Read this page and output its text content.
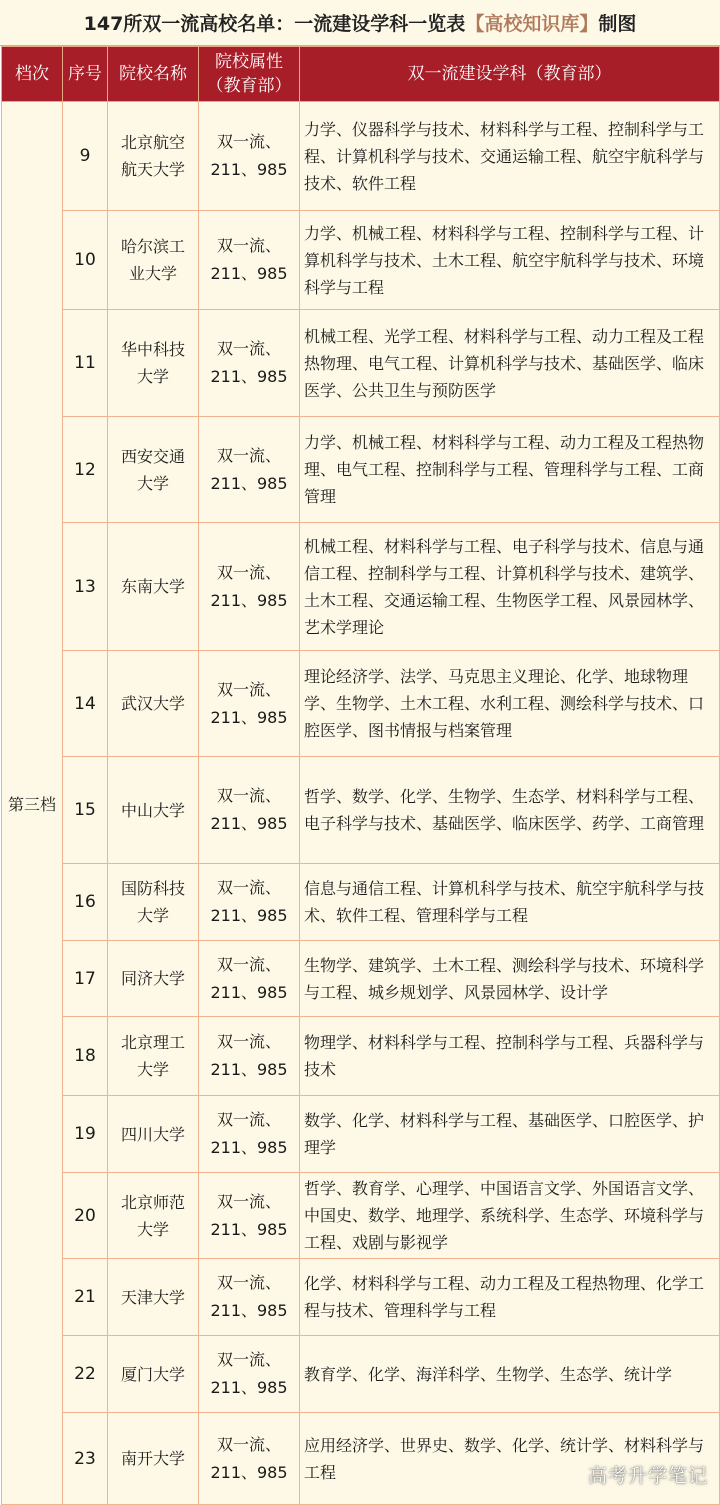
147所双一流高校名单：一流建设学科一览表 【高校知识库】 制图
档次	序号	院校名称	院校属性
（教育部）	双一流建设学科（教育部）
第三档	9	北京航空航天大学	双一流、
211、985	力学、仪器科学与技术、材料科学与工程、控制科学与工程、计算机科学与技术、交通运输工程、航空宇航科学与技术、软件工程
	10	哈尔滨工业大学	双一流、
211、985	力学、机械工程、材料科学与工程、控制科学与工程、计算机科学与技术、土木工程、航空宇航科学与技术、环境科学与工程
	11	华中科技大学	双一流、
211、985	机械工程、光学工程、材料科学与工程、动力工程及工程热物理、电气工程、计算机科学与技术、基础医学、临床医学、公共卫生与预防医学
	12	西安交通大学	双一流、
211、985	力学、机械工程、材料科学与工程、动力工程及工程热物理、电气工程、控制科学与工程、管理科学与工程、工商管理
	13	东南大学	双一流、
211、985	机械工程、材料科学与工程、电子科学与技术、信息与通信工程、控制科学与工程、计算机科学与技术、建筑学、土木工程、交通运输工程、生物医学工程、风景园林学、艺术学理论
	14	武汉大学	双一流、
211、985	理论经济学、法学、马克思主义理论、化学、地球物理学、生物学、土木工程、水利工程、测绘科学与技术、口腔医学、图书情报与档案管理
	15	中山大学	双一流、
211、985	哲学、数学、化学、生物学、生态学、材料科学与工程、电子科学与技术、基础医学、临床医学、药学、工商管理
	16	国防科技大学	双一流、
211、985	信息与通信工程、计算机科学与技术、航空宇航科学与技术、软件工程、管理科学与工程
	17	同济大学	双一流、
211、985	生物学、建筑学、土木工程、测绘科学与技术、环境科学与工程、城乡规划学、风景园林学、设计学
	18	北京理工大学	双一流、
211、985	物理学、材料科学与工程、控制科学与工程、兵器科学与技术
	19	四川大学	双一流、
211、985	数学、化学、材料科学与工程、基础医学、口腔医学、护理学
	20	北京师范大学	双一流、
211、985	哲学、教育学、心理学、中国语言文学、外国语言文学、中国史、数学、地理学、系统科学、生态学、环境科学与工程、戏剧与影视学
	21	天津大学	双一流、
211、985	化学、材料科学与工程、动力工程及工程热物理、化学工程与技术、管理科学与工程
	22	厦门大学	双一流、
211、985	教育学、化学、海洋科学、生物学、生态学、统计学
	23	南开大学	双一流、
211、985	应用经济学、世界史、数学、化学、统计学、材料科学与工程	高考升学笔记
